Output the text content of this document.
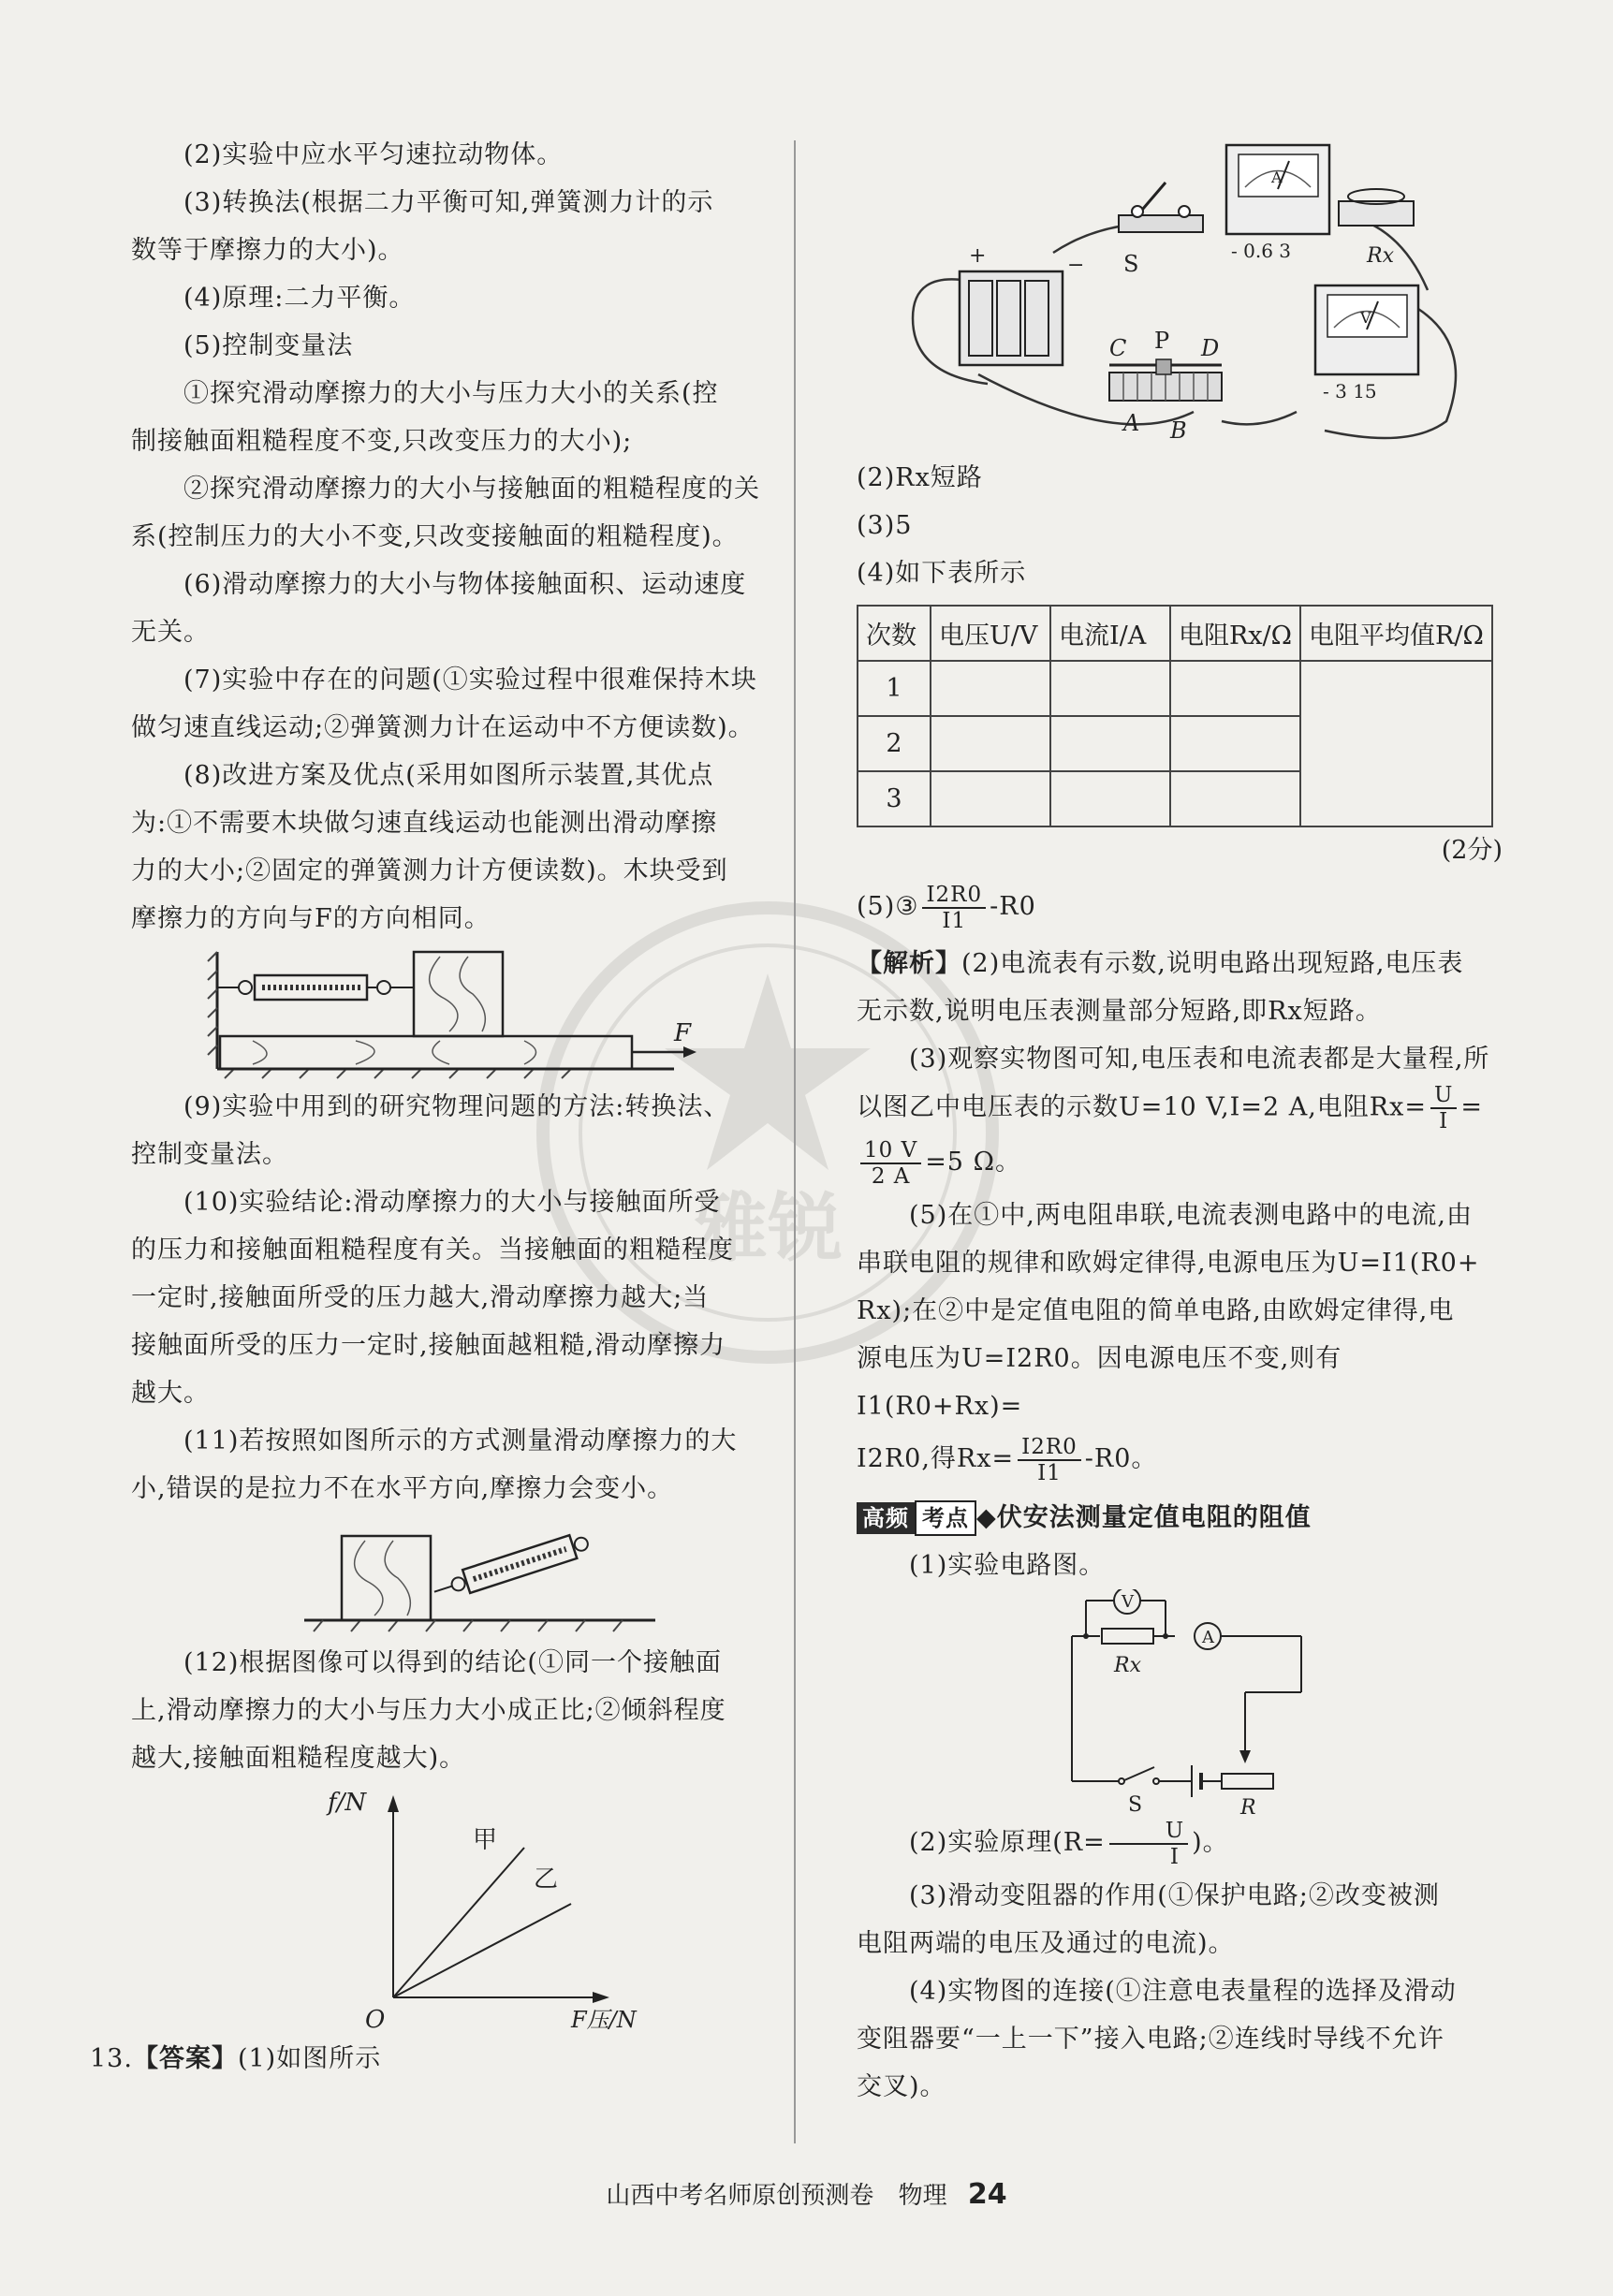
雅锐

(2)实验中应水平匀速拉动物体。

(3)转换法(根据二力平衡可知,弹簧测力计的示

数等于摩擦力的大小)。

(4)原理:二力平衡。

(5)控制变量法

①探究滑动摩擦力的大小与压力大小的关系(控

制接触面粗糙程度不变,只改变压力的大小);

②探究滑动摩擦力的大小与接触面的粗糙程度的关

系(控制压力的大小不变,只改变接触面的粗糙程度)。

(6)滑动摩擦力的大小与物体接触面积、运动速度

无关。

(7)实验中存在的问题(①实验过程中很难保持木块

做匀速直线运动;②弹簧测力计在运动中不方便读数)。

(8)改进方案及优点(采用如图所示装置,其优点

为:①不需要木块做匀速直线运动也能测出滑动摩擦

力的大小;②固定的弹簧测力计方便读数)。木块受到

摩擦力的方向与F的方向相同。

F

(9)实验中用到的研究物理问题的方法:转换法、

控制变量法。

(10)实验结论:滑动摩擦力的大小与接触面所受

的压力和接触面粗糙程度有关。当接触面的粗糙程度

一定时,接触面所受的压力越大,滑动摩擦力越大;当

接触面所受的压力一定时,接触面越粗糙,滑动摩擦力

越大。

(11)若按照如图所示的方式测量滑动摩擦力的大

小,错误的是拉力不在水平方向,摩擦力会变小。

(12)根据图像可以得到的结论(①同一个接触面

上,滑动摩擦力的大小与压力大小成正比;②倾斜程度

越大,接触面粗糙程度越大)。

f/N
F压/N
O
甲
乙

13.【答案】(1)如图所示

+	− S
A
- 0.6 3	Rx
V
- 3 15
C P D
A B

(2)Rx短路

(3)5

(4)如下表所示

次数	电压U/V	电流I/A	电阻Rx/Ω	电阻平均值R/Ω
1				
2				
3				
(2分)

(5)③ $\frac{I2R0}{I1} -R0$

【解析】(2)电流表有示数,说明电路出现短路,电压表

无示数,说明电压表测量部分短路,即Rx短路。

(3)观察实物图可知,电压表和电流表都是大量程,所

以图乙中电压表的示数U=10 V,I=2 A,电阻$Rx= \frac{U}{I}$ =

$\frac{10 V}{2 A} =5$ Ω。

(5)在①中,两电阻串联,电流表测电路中的电流,由

串联电阻的规律和欧姆定律得,电源电压为U=I1(R0+

Rx);在②中是定值电阻的简单电路,由欧姆定律得,电

源电压为U=I2R0。因电源电压不变,则有I1(R0+Rx)=

I2R0,得$Rx= \frac{I2R0}{I1} -R0$。

高频 考点 ◆伏安法测量定值电阻的阻值

(1)实验电路图。

A
V
Rx
S	R

(2)实验原理($R= \frac{U}{I}$ )。

(3)滑动变阻器的作用(①保护电路;②改变被测

电阻两端的电压及通过的电流)。

(4)实物图的连接(①注意电表量程的选择及滑动

变阻器要“一上一下”接入电路;②连线时导线不允许

交叉)。

山西中考名师原创预测卷 物理 24
